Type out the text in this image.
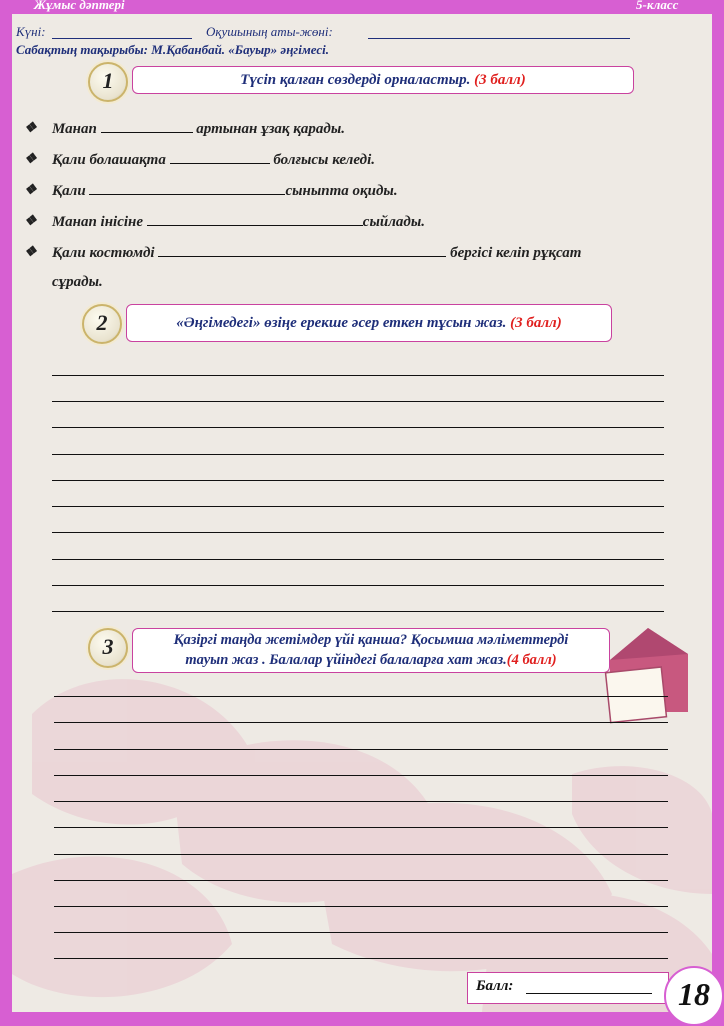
Жұмыс дәптері	5-класс
Күні:	Оқушының аты-жөні:
Сабақтың тақырыбы: М.Қабанбай. «Бауыр» әңгімесі.
1	Түсіп қалған сөздерді орналастыр. (3 балл)
❖ Манап	артынан ұзақ қарады.
❖ Қали болашақта	болғысы келеді.
❖ Қали	сыныпта оқиды.
❖ Манап інісіне	сыйлады.
❖ Қали костюмді	бергісі келіп рұқсат
сұрады.
2	«Әңгімедегі» өзіңе ерекше әсер еткен тұсын жаз. (3 балл)
3	Қазіргі таңда жетімдер үйі қанша? Қосымша мәліметтерді
тауып жаз . Балалар үйіндегі балаларға хат жаз.(4 балл)
Балл:	18
